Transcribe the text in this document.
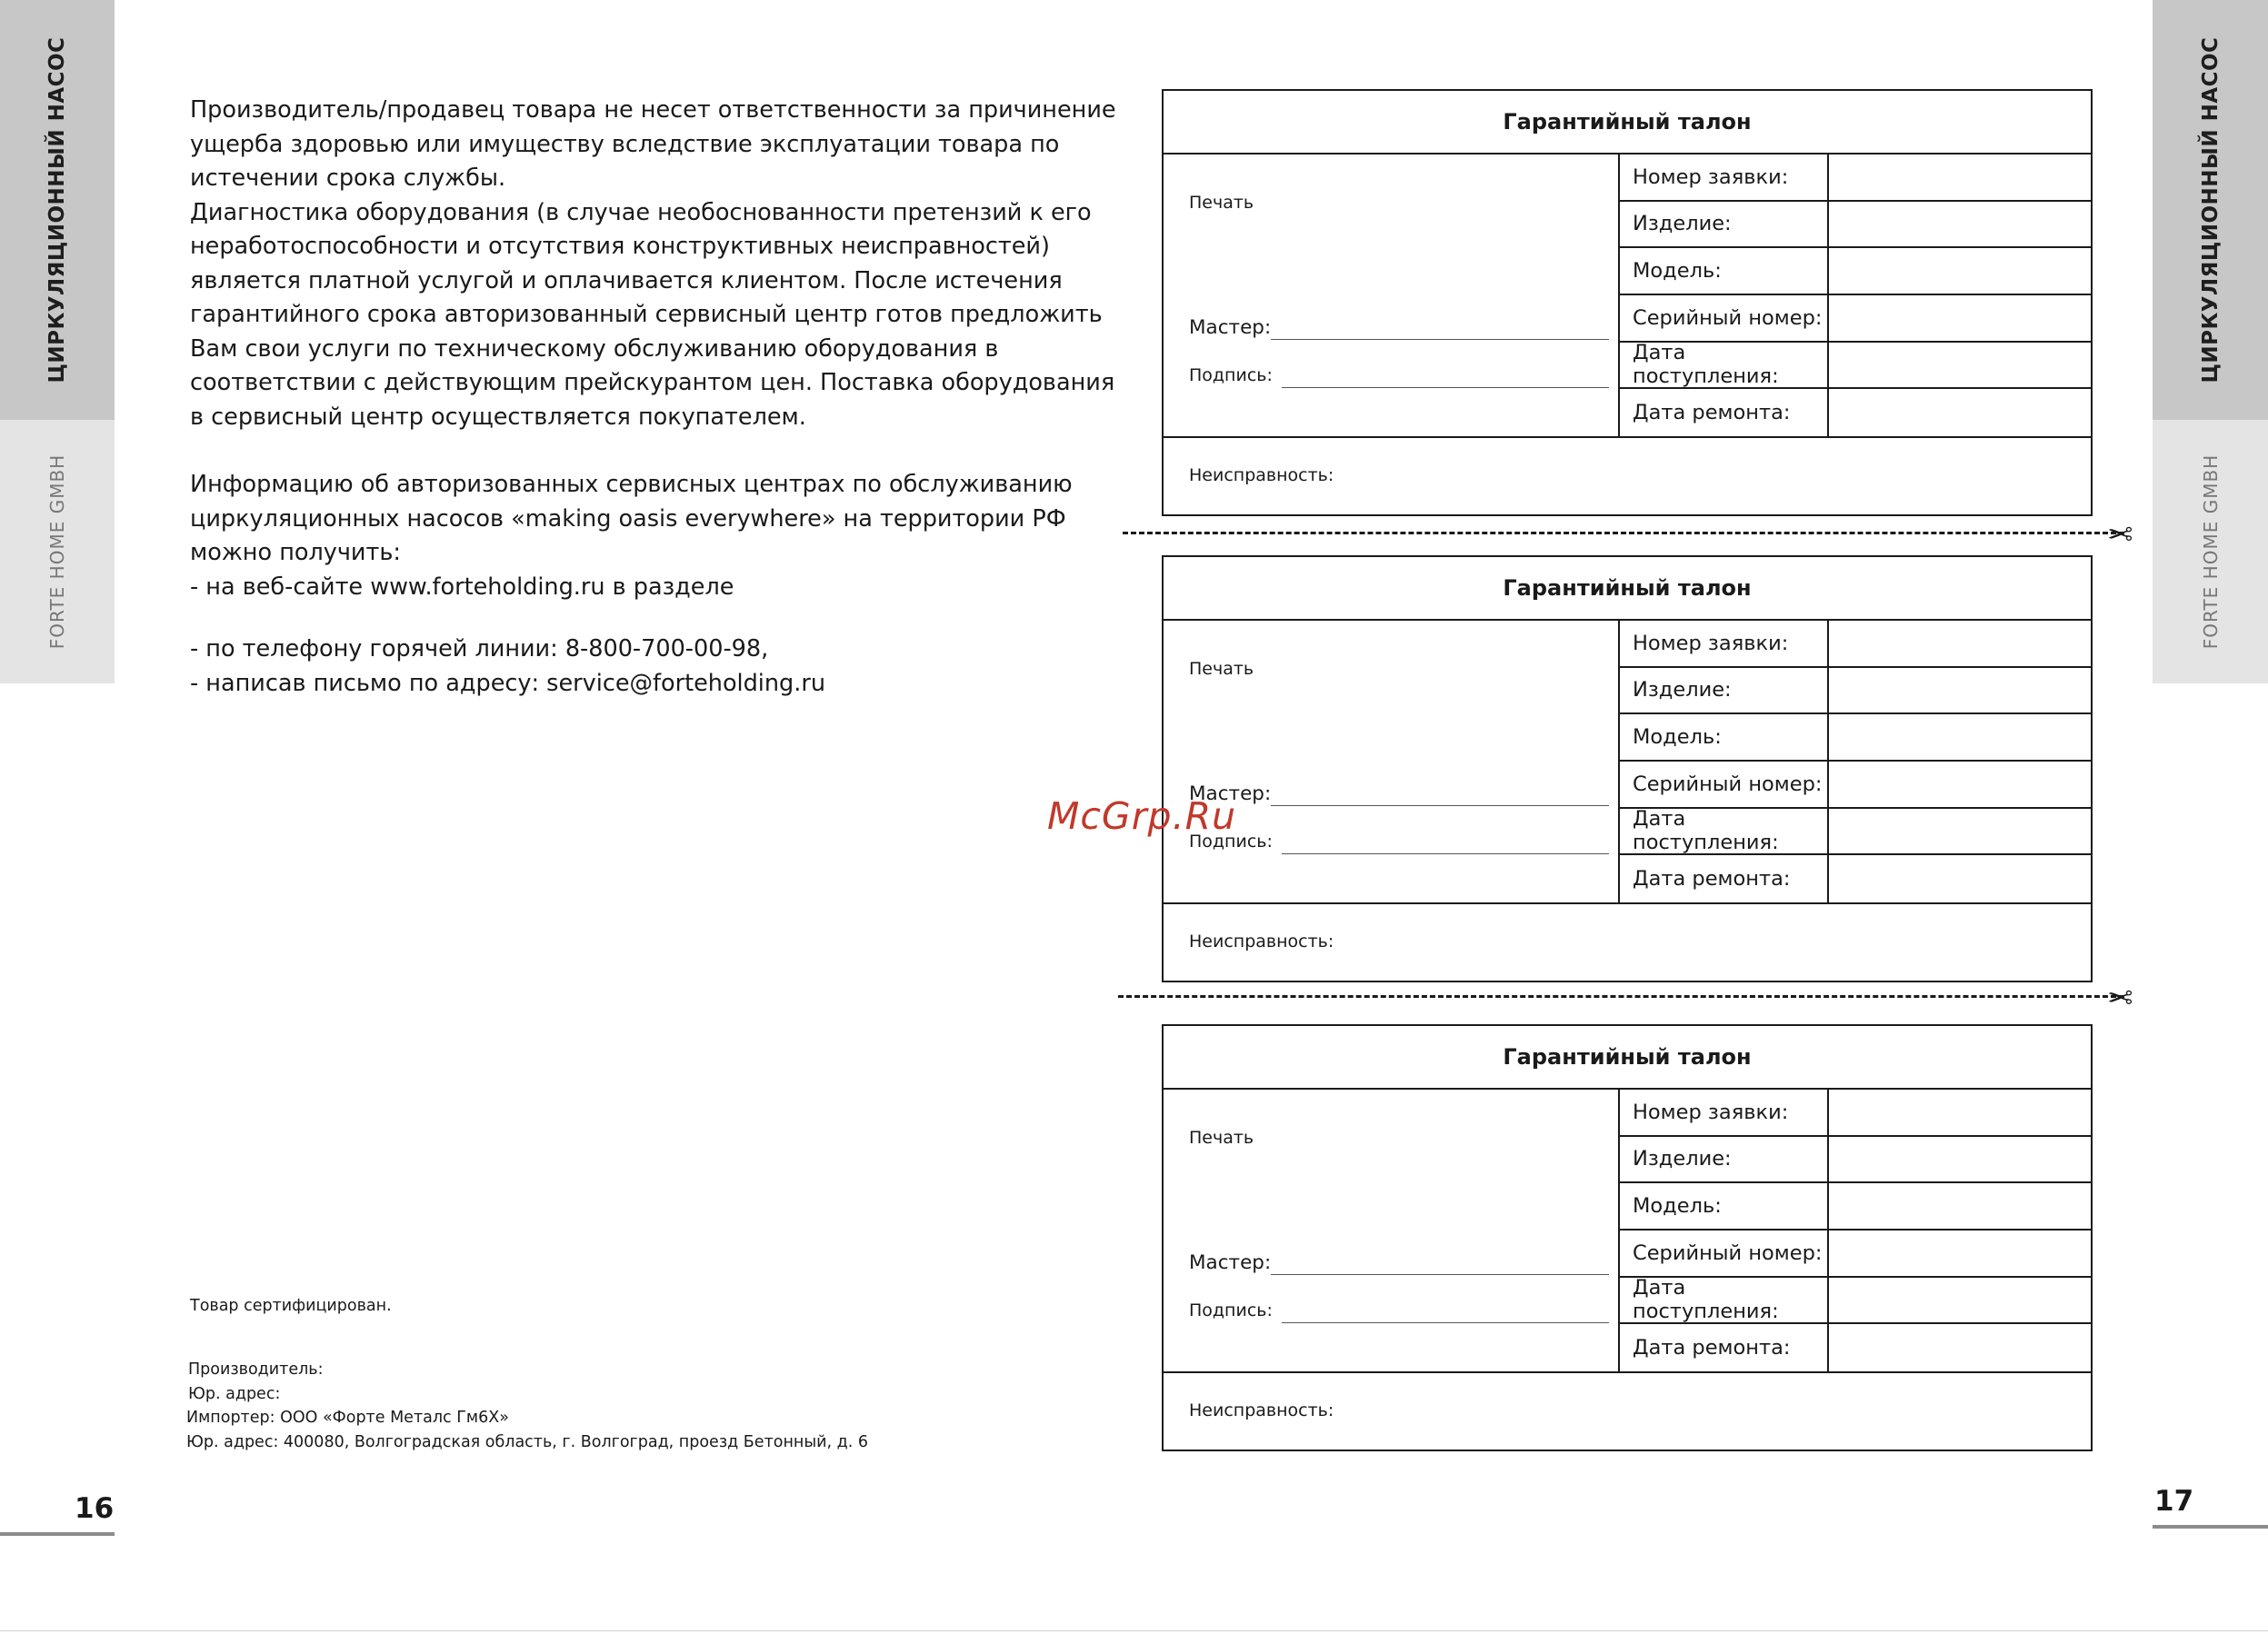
ЦИРКУЛЯЦИОННЫЙ НАСОС
FORTE HOME GMBH
ЦИРКУЛЯЦИОННЫЙ НАСОС
FORTE HOME GMBH

Производитель/продавец товара не несет ответственности за причинение

ущерба здоровью или имуществу вследствие эксплуатации товара по

истечении срока службы.

Диагностика оборудования (в случае необоснованности претензий к его

неработоспособности и отсутствия конструктивных неисправностей)

является платной услугой и оплачивается клиентом. После истечения

гарантийного срока авторизованный сервисный центр готов предложить

Вам свои услуги по техническому обслуживанию оборудования в

соответствии с действующим прейскурантом цен. Поставка оборудования

в сервисный центр осуществляется покупателем.

Информацию об авторизованных сервисных центрах по обслуживанию

циркуляционных насосов «making oasis everywhere» на территории РФ

можно получить:

- на веб-сайте www.forteholding.ru в разделе

- по телефону горячей линии: 8-800-700-00-98,

- написав письмо по адресу: service@forteholding.ru

Товар сертифицирован.
Производитель:
Юр. адрес:
Импортер: ООО «Форте Металс Гм6Х»
Юр. адрес: 400080, Волгоградская область, г. Волгоград, проезд Бетонный, д. 6
16	17
Гарантийный талон
Печать
Мастер:
Подпись:
Номер заявки:
Изделие:
Модель:
Серийный номер:
Дата поступления:
Дата ремонта:
Неисправность:
✂
Гарантийный талон
Печать
Мастер:
Подпись:
Номер заявки:
Изделие:
Модель:
Серийный номер:
Дата поступления:
Дата ремонта:
Неисправность:
✂
Гарантийный талон
Печать
Мастер:
Подпись:
Номер заявки:
Изделие:
Модель:
Серийный номер:
Дата поступления:
Дата ремонта:
Неисправность:
McGrp.Ru
